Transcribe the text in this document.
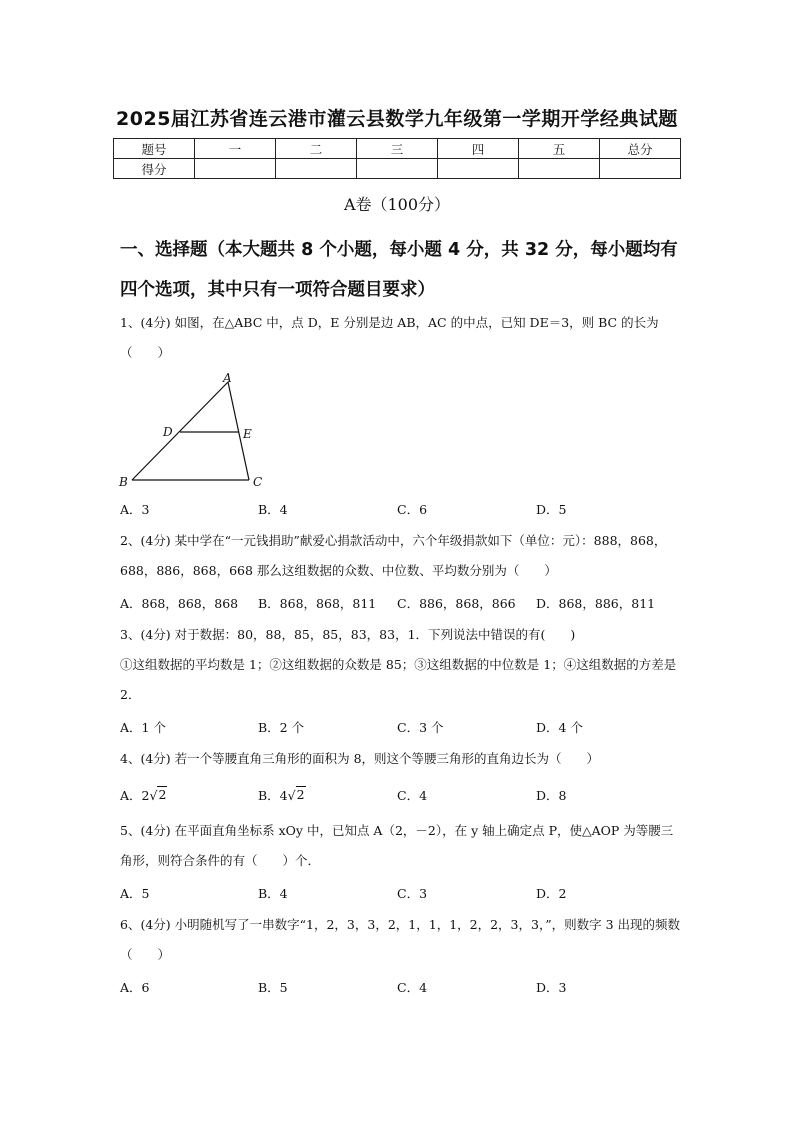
2025届江苏省连云港市灌云县数学九年级第一学期开学经典试题
题号	一	二	三	四	五	总分
得分						
A卷（100分）
一、选择题（本大题共 8 个小题，每小题 4 分，共 32 分，每小题均有四个选项，其中只有一项符合题目要求）
1、(4分) 如图，在△ABC 中，点 D，E 分别是边 AB，AC 的中点，已知 DE＝3，则 BC 的长为（　　）
A
D	E
B	C
A．3	B．4	C．6	D．5
2、(4分) 某中学在“一元钱捐助”献爱心捐款活动中，六个年级捐款如下（单位：元）：888，868，688，886，868，668 那么这组数据的众数、中位数、平均数分别为（　　）
A．868，868，868 B．868，868，811 C．886，868，866 D．868，886，811
3、(4分) 对于数据：80，88，85，85，83，83，1．下列说法中错误的有(　　)
①这组数据的平均数是 1；②这组数据的众数是 85；③这组数据的中位数是 1；④这组数据的方差是 2．
A．1 个	B．2 个	C．3 个	D．4 个
4、(4分) 若一个等腰直角三角形的面积为 8，则这个等腰三角形的直角边长为（　　）
A．2√ 2	B．4√ 2	C．4	D．8
5、(4分) 在平面直角坐标系 xOy 中，已知点 A（2，－2），在 y 轴上确定点 P，使△AOP 为等腰三角形，则符合条件的有（　　）个．
A．5	B．4	C．3	D．2
6、(4分) 小明随机写了一串数字“1，2，3，3，2，1，1，1，2，2，3，3，”，则数字 3 出现的频数（　　）
A．6	B．5	C．4	D．3
